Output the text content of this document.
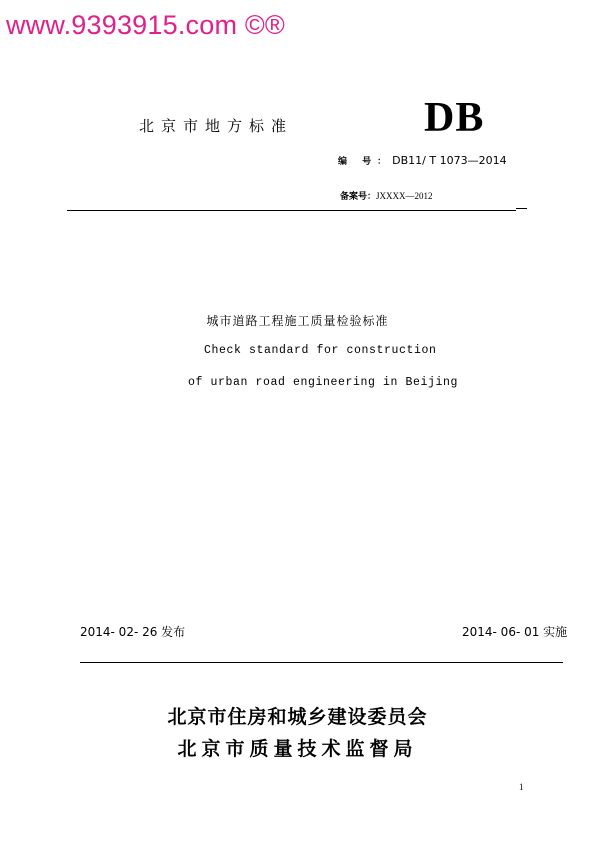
www.9393915.com ©®
北京市地方标准	DB
编 号：DB11/ T 1073—2014
备案号：JXXXX—2012
城市道路工程施工质量检验标准
Check standard for construction
of urban road engineering in Beijing
2014- 02- 26 发布	2014- 06- 01 实施
北京市住房和城乡建设委员会
北京市质量技术监督局
1
